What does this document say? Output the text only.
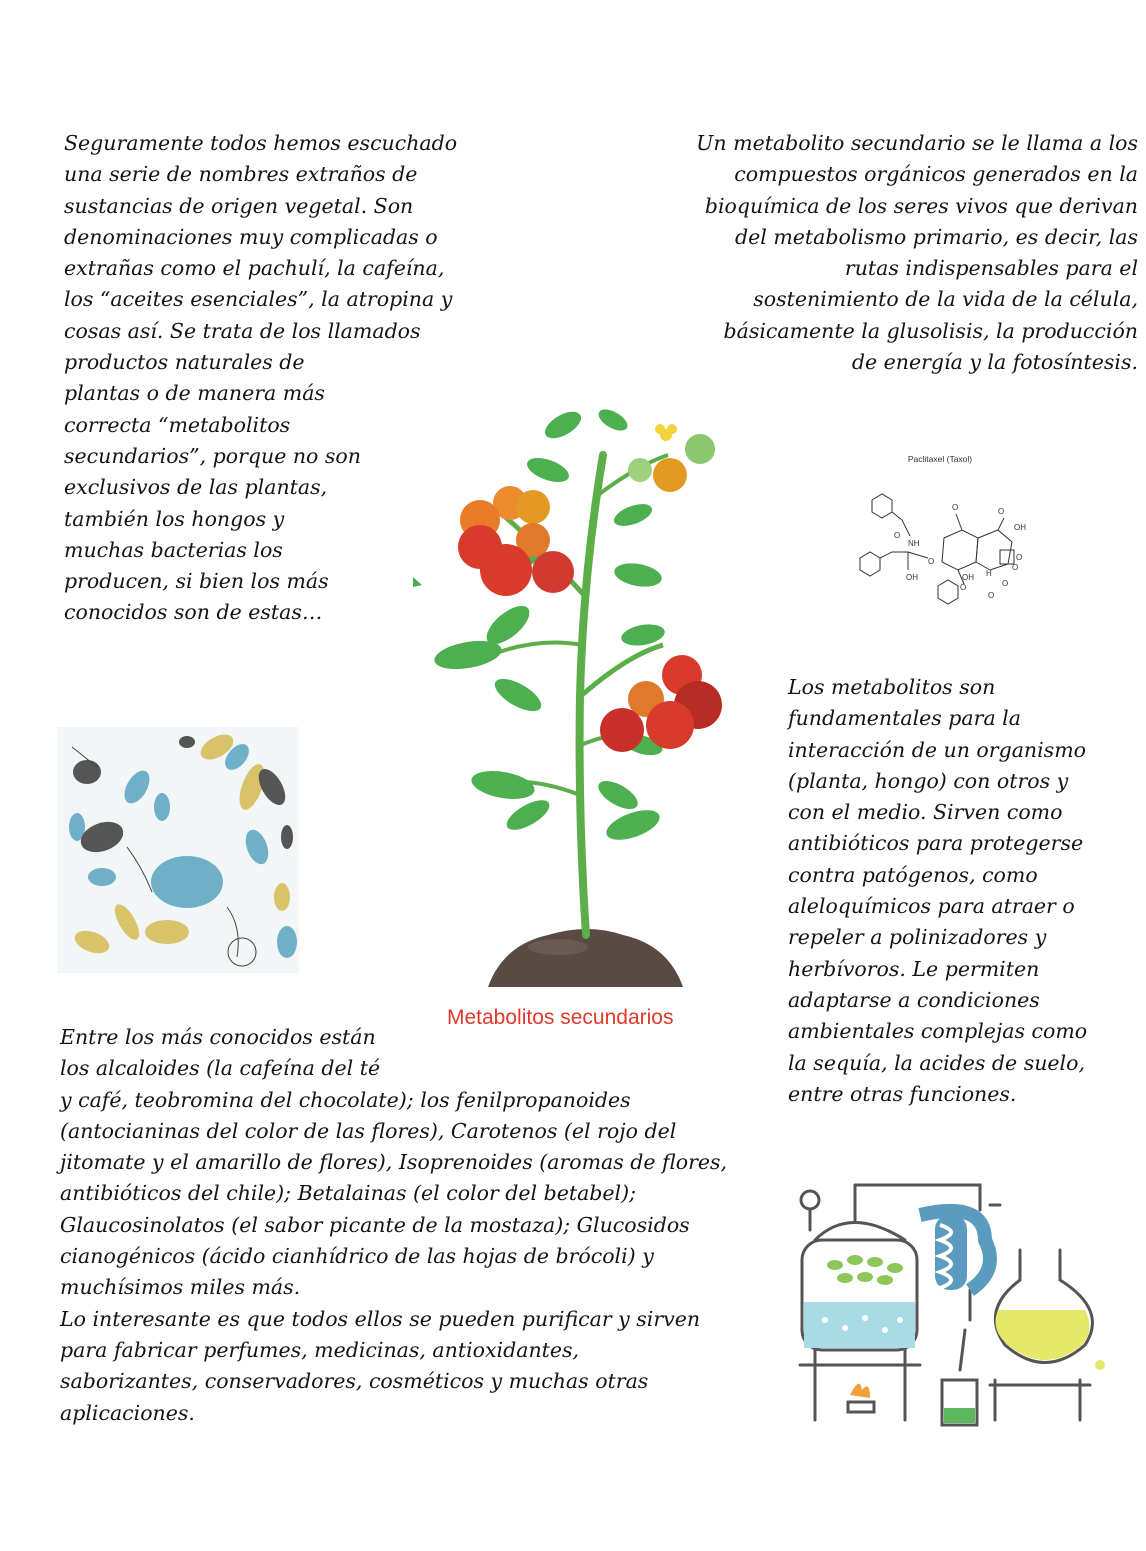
Seguramente todos hemos escuchado
una serie de nombres extraños de
sustancias de origen vegetal. Son
denominaciones muy complicadas o
extrañas como el pachulí, la cafeína,
los “aceites esenciales”, la atropina y
cosas así. Se trata de los llamados
productos naturales de
plantas o de manera más
correcta “metabolitos
secundarios”, porque no son
exclusivos de las plantas,
también los hongos y
muchas bacterias los
producen, si bien los más
conocidos son de estas…
Un metabolito secundario se le llama a los
compuestos orgánicos generados en la
bioquímica de los seres vivos que derivan
del metabolismo primario, es decir, las
rutas indispensables para el
sostenimiento de la vida de la célula,
básicamente la glusolisis, la producción
de energía y la fotosíntesis.
Los metabolitos son
fundamentales para la
interacción de un organismo
(planta, hongo) con otros y
con el medio. Sirven como
antibióticos para protegerse
contra patógenos, como
aleloquímicos para atraer o
repeler a polinizadores y
herbívoros. Le permiten
adaptarse a condiciones
ambientales complejas como
la sequía, la acides de suelo,
entre otras funciones.
Entre los más conocidos están
los alcaloides (la cafeína del té
y café, teobromina del chocolate); los fenilpropanoides
(antocianinas del color de las flores), Carotenos (el rojo del
jitomate y el amarillo de flores), Isoprenoides (aromas de flores,
antibióticos del chile); Betalainas (el color del betabel);
Glaucosinolatos (el sabor picante de la mostaza); Glucosidos
cianogénicos (ácido cianhídrico de las hojas de brócoli) y
muchísimos miles más.
Lo interesante es que todos ellos se pueden purificar y sirven
para fabricar perfumes, medicinas, antioxidantes,
saborizantes, conservadores, cosméticos y muchas otras
aplicaciones.
Metabolitos secundarios
Paclitaxel (Taxol)
O
NH
OH
O
O	O
OH
O
OH H
O
O
O
O
